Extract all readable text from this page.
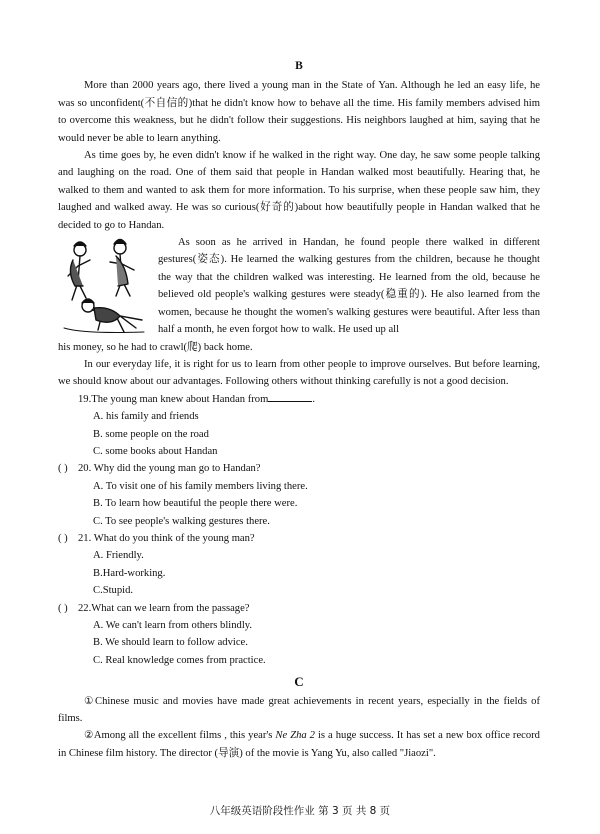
B

More than 2000 years ago, there lived a young man in the State of Yan. Although he led an easy life, he was so unconfident(不自信的)that he didn't know how to behave all the time. His family members advised him to overcome this weakness, but he didn't follow their suggestions. His neighbors laughed at him, saying that he would never be able to learn anything.

As time goes by, he even didn't know if he walked in the right way. One day, he saw some people talking and laughing on the road. One of them said that people in Handan walked most beautifully. Hearing that, he walked to them and wanted to ask them for more information. To his surprise, when these people saw him, they laughed and walked away. He was so curious(好奇的)about how beautifully people in Handan walked that he decided to go to Handan.

As soon as he arrived in Handan, he found people there walked in different gestures(姿态). He learned the walking gestures from the children, because he thought the way that the children walked was interesting. He learned from the old, because he believed old people's walking gestures were steady(稳重的). He also learned from the women, because he thought the women's walking gestures were beautiful. After less than half a month, he even forgot how to walk. He used up all

his money, so he had to crawl(爬) back home.

In our everyday life, it is right for us to learn from other people to improve ourselves. But before learning, we should know about our advantages. Following others without thinking carefully is not a good decision.

19.The young man knew about Handan from	.

A. his family and friends

B. some people on the road

C. some books about Handan

( ) 20. Why did the young man go to Handan?

A. To visit one of his family members living there.

B. To learn how beautiful the people there were.

C. To see people's walking gestures there.

( ) 21. What do you think of the young man?

A. Friendly.

B.Hard-working.

C.Stupid.

( ) 22.What can we learn from the passage?

A. We can't learn from others blindly.

B. We should learn to follow advice.

C. Real knowledge comes from practice.

C

①Chinese music and movies have made great achievements in recent years, especially in the fields of films.

②Among all the excellent films , this year's Ne Zha 2 is a huge success. It has set a new box office record in Chinese film history. The director (导演) of the movie is Yang Yu, also called "Jiaozi".

八年级英语阶段性作业 第 3 页 共 8 页
